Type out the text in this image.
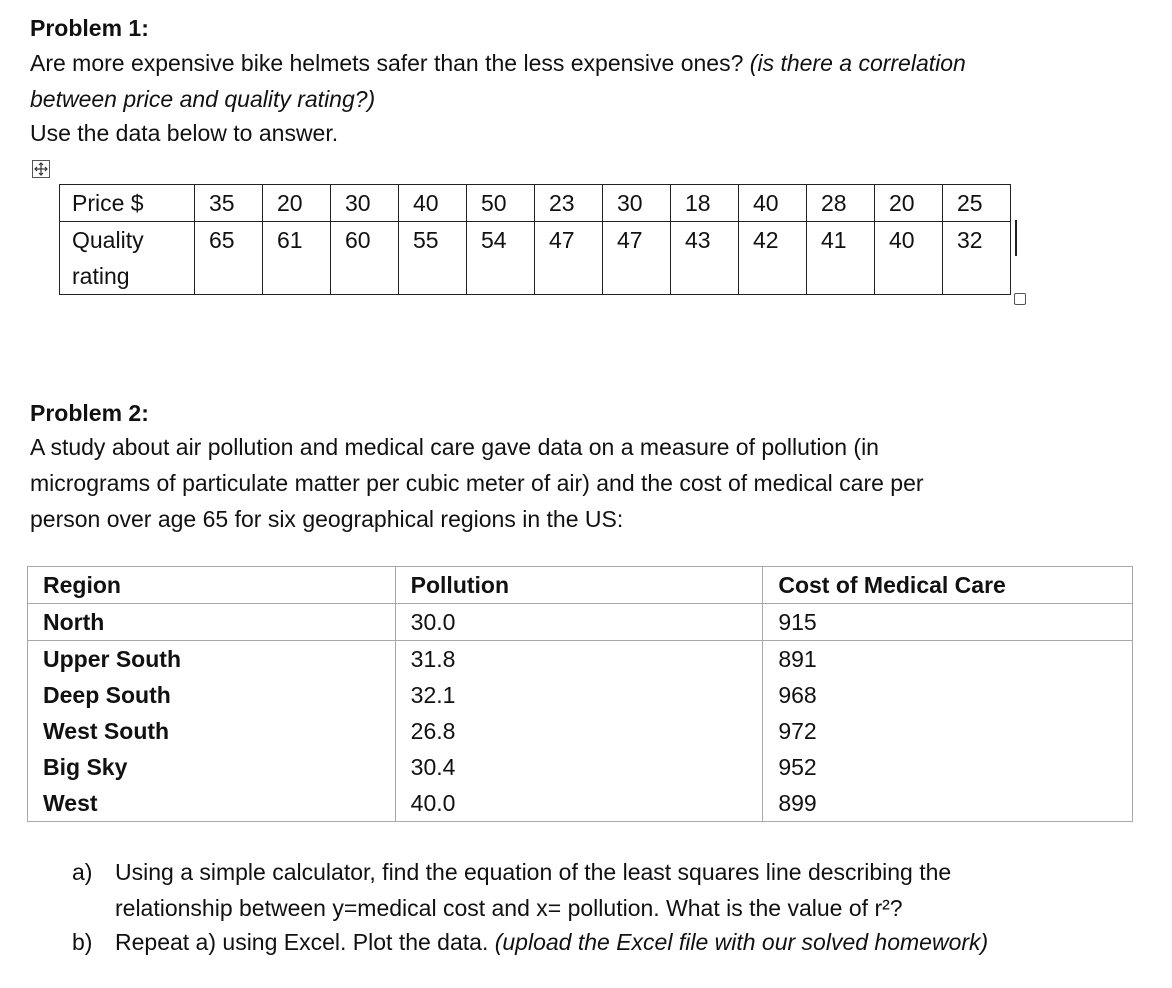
Problem 1:
Are more expensive bike helmets safer than the less expensive ones? (is there a correlation
between price and quality rating?)
Use the data below to answer.
Price $	35	20	30	40	50	23	30	18	40	28	20	25
Quality	65	61	60	55	54	47	47	43	42	41	40	32
rating												
Problem 2:
A study about air pollution and medical care gave data on a measure of pollution (in
micrograms of particulate matter per cubic meter of air) and the cost of medical care per
person over age 65 for six geographical regions in the US:
Region	Pollution	Cost of Medical Care
North	30.0	915
Upper South	31.8	891
Deep South	32.1	968
West South	26.8	972
Big Sky	30.4	952
West	40.0	899
a) Using a simple calculator, find the equation of the least squares line describing the
relationship between y=medical cost and x= pollution. What is the value of r²?
b) Repeat a) using Excel. Plot the data. (upload the Excel file with our solved homework)
